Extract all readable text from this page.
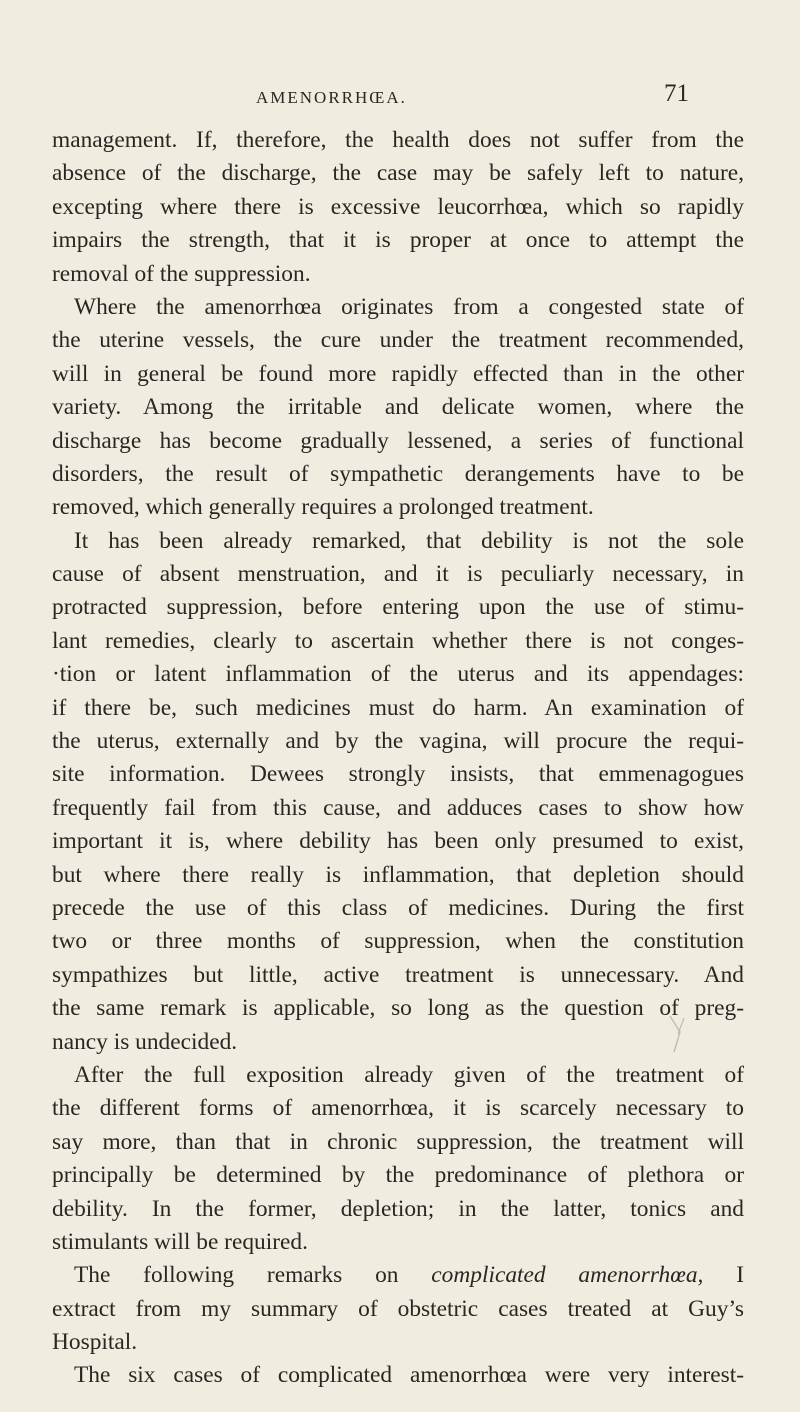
AMENORRHŒA.	71
management. If, therefore, the health does not suffer from the
absence of the discharge, the case may be safely left to nature,
excepting where there is excessive leucorrhœa, which so rapidly
impairs the strength, that it is proper at once to attempt the
removal of the suppression.
Where the amenorrhœa originates from a congested state of
the uterine vessels, the cure under the treatment recommended,
will in general be found more rapidly effected than in the other
variety. Among the irritable and delicate women, where the
discharge has become gradually lessened, a series of functional
disorders, the result of sympathetic derangements have to be
removed, which generally requires a prolonged treatment.
It has been already remarked, that debility is not the sole
cause of absent menstruation, and it is peculiarly necessary, in
protracted suppression, before entering upon the use of stimu-
lant remedies, clearly to ascertain whether there is not conges-
·tion or latent inflammation of the uterus and its appendages:
if there be, such medicines must do harm. An examination of
the uterus, externally and by the vagina, will procure the requi-
site information. Dewees strongly insists, that emmenagogues
frequently fail from this cause, and adduces cases to show how
important it is, where debility has been only presumed to exist,
but where there really is inflammation, that depletion should
precede the use of this class of medicines. During the first
two or three months of suppression, when the constitution
sympathizes but little, active treatment is unnecessary. And
the same remark is applicable, so long as the question of preg-
nancy is undecided.
After the full exposition already given of the treatment of
the different forms of amenorrhœa, it is scarcely necessary to
say more, than that in chronic suppression, the treatment will
principally be determined by the predominance of plethora or
debility. In the former, depletion; in the latter, tonics and
stimulants will be required.
The following remarks on complicated amenorrhœa, I
extract from my summary of obstetric cases treated at Guy’s
Hospital.
The six cases of complicated amenorrhœa were very interest-
